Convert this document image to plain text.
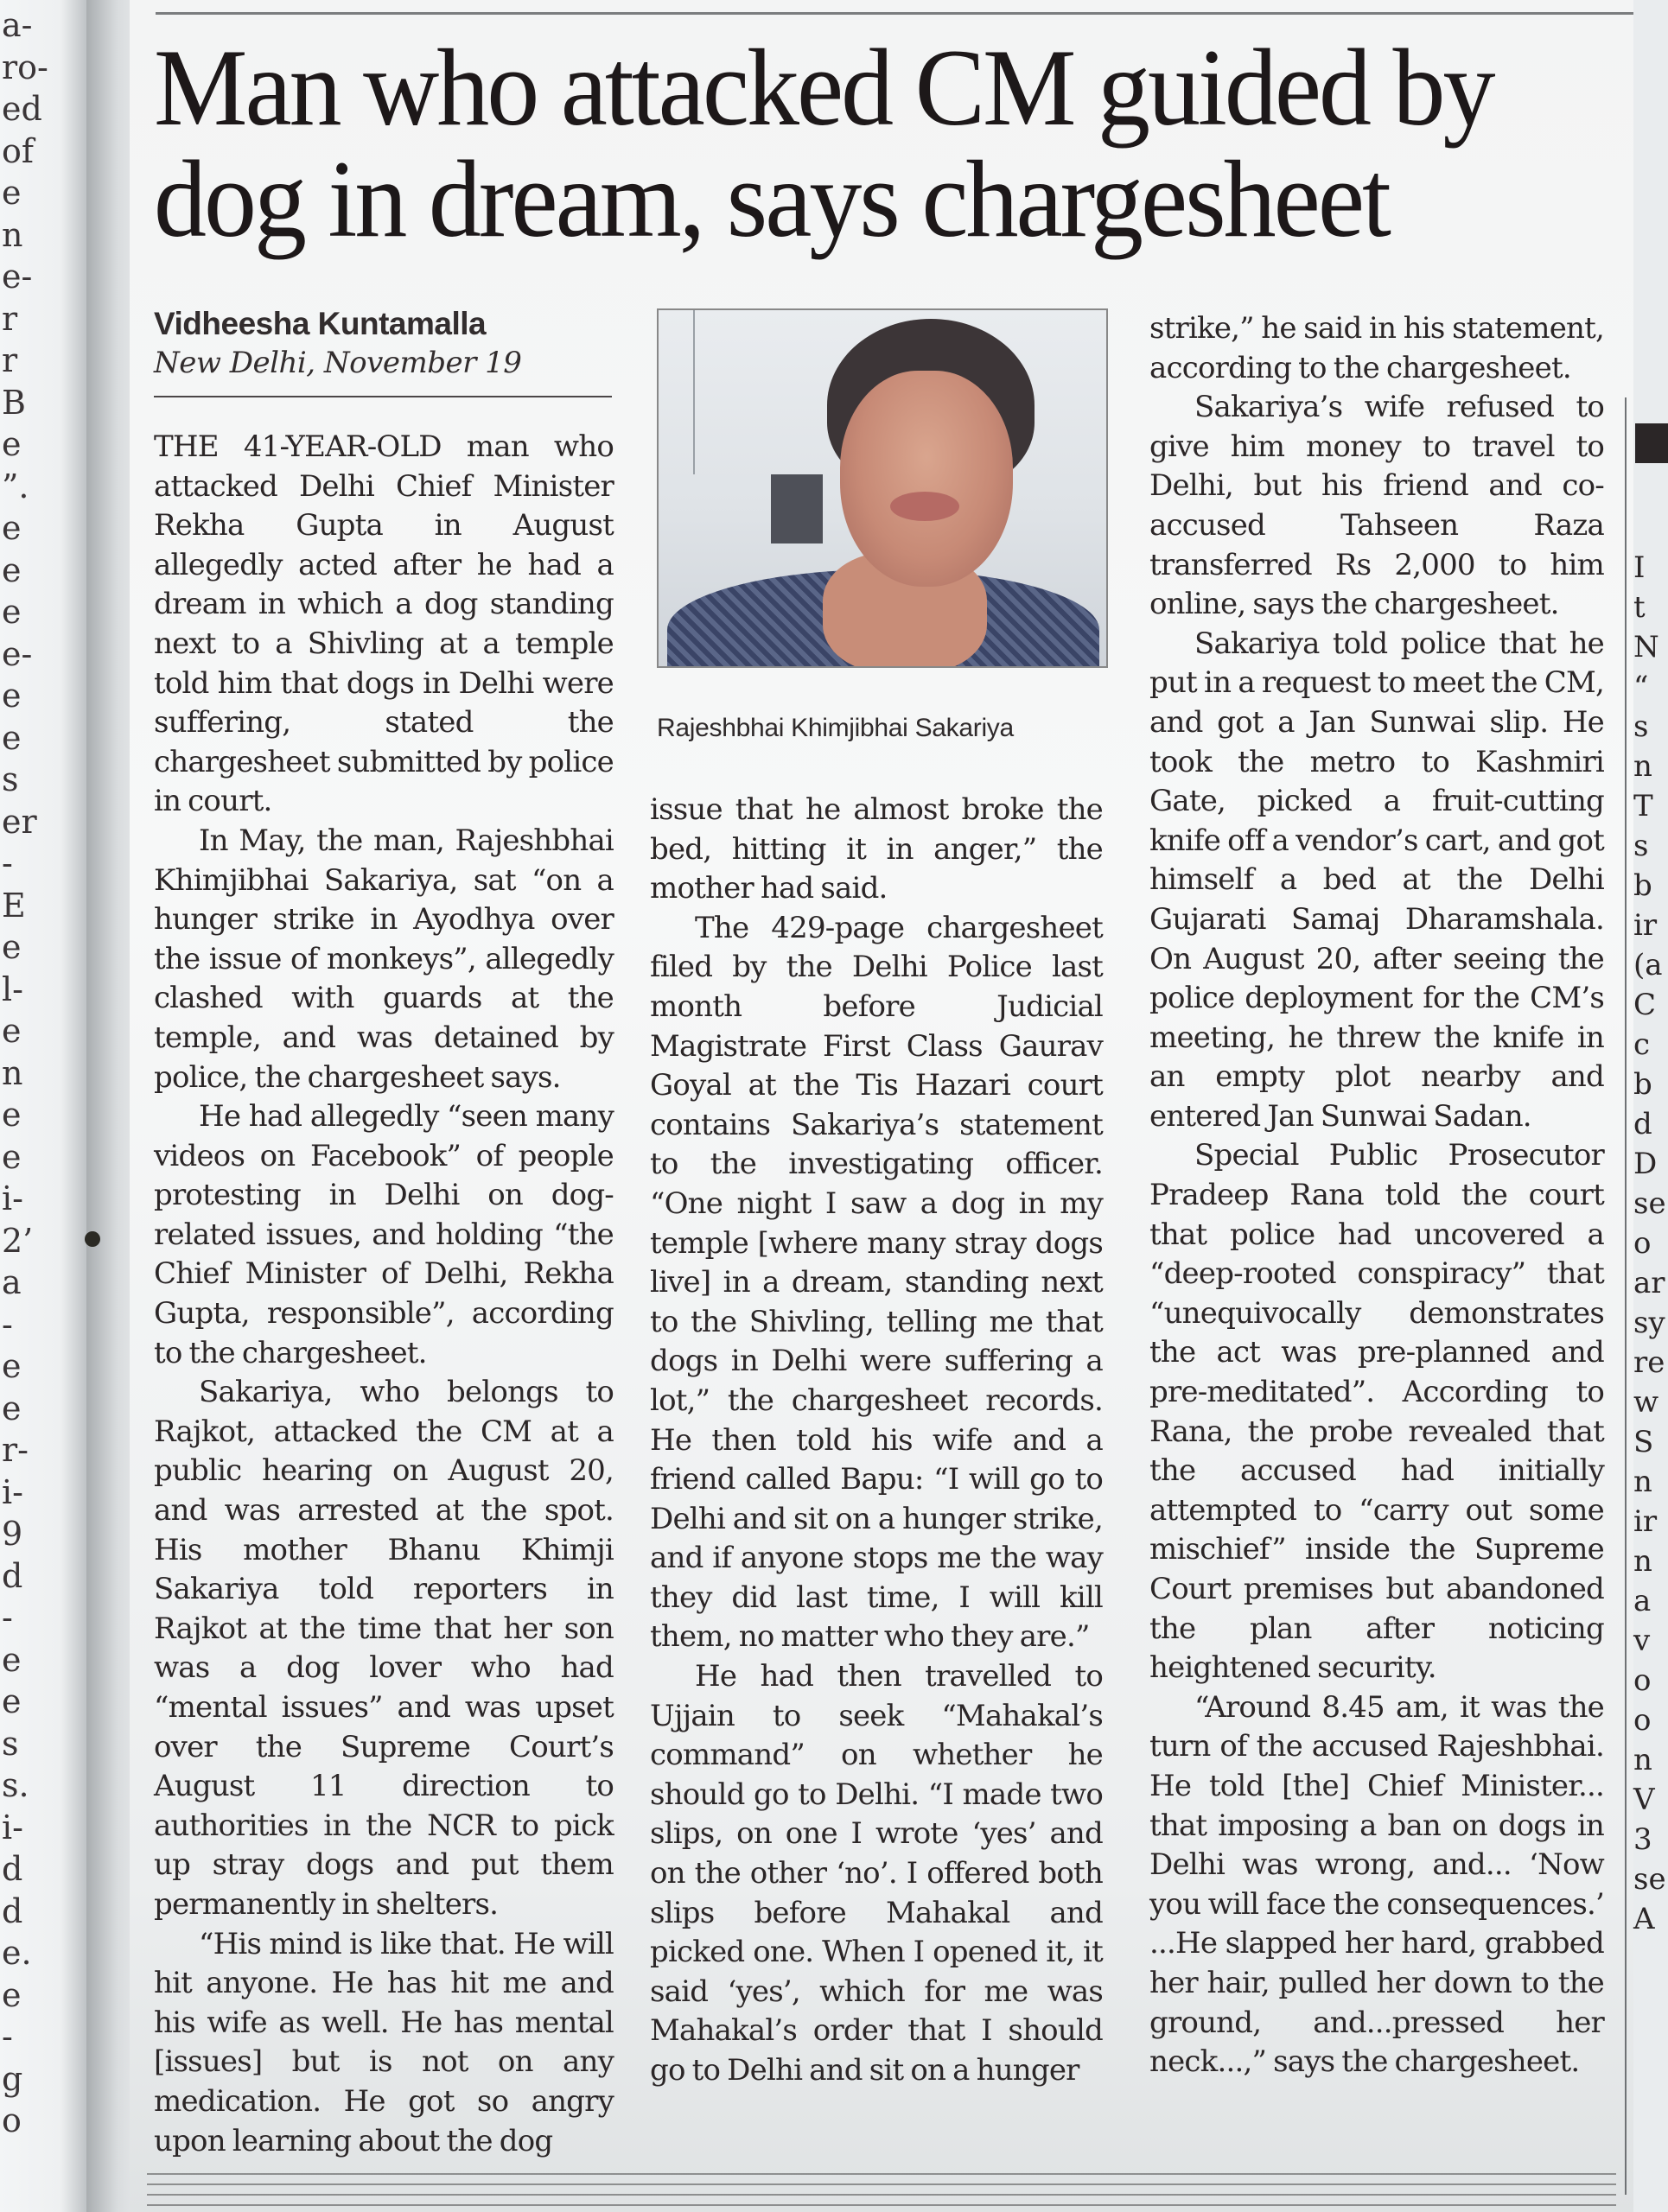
a-
ro-
ed
of
e
n
e-
r
r
B
e
”.
e
e
e
e-
e
e
s
er
-
E
e
l-
e
n
e
e
i-
2’
a
-
e
e
r-
i-
9
d
-
e
e
s
s.
i-
d
d
e.
e
-
g
o
Man who attacked CM guided by dog in dream, says chargesheet
Vidheesha Kuntamalla
New Delhi, November 19

THE 41-YEAR-OLD man who attacked Delhi Chief Minister Rekha Gupta in August allegedly acted after he had a dream in which a dog standing next to a Shivling at a temple told him that dogs in Delhi were suffering, stated the chargesheet submitted by police in court.

In May, the man, Rajeshbhai Khimjibhai Sakariya, sat “on a hunger strike in Ayodhya over the issue of monkeys”, allegedly clashed with guards at the temple, and was detained by police, the chargesheet says.

He had allegedly “seen many videos on Facebook” of people protesting in Delhi on dog-related issues, and holding “the Chief Minister of Delhi, Rekha Gupta, responsible”, according to the chargesheet.

Sakariya, who belongs to Rajkot, attacked the CM at a public hearing on August 20, and was arrested at the spot. His mother Bhanu Khimji Sakariya told reporters in Rajkot at the time that her son was a dog lover who had “mental issues” and was upset over the Supreme Court’s August 11 direction to authorities in the NCR to pick up stray dogs and put them permanently in shelters.

“His mind is like that. He will hit anyone. He has hit me and his wife as well. He has mental [issues] but is not on any medication. He got so angry upon learning about the dog

Rajeshbhai Khimjibhai Sakariya

issue that he almost broke the bed, hitting it in anger,” the mother had said.

The 429-page chargesheet filed by the Delhi Police last month before Judicial Magistrate First Class Gaurav Goyal at the Tis Hazari court contains Sakariya’s statement to the investigating officer. “One night I saw a dog in my temple [where many stray dogs live] in a dream, standing next to the Shivling, telling me that dogs in Delhi were suffering a lot,” the chargesheet records. He then told his wife and a friend called Bapu: “I will go to Delhi and sit on a hunger strike, and if anyone stops me the way they did last time, I will kill them, no matter who they are.”

He had then travelled to Ujjain to seek “Mahakal’s command” on whether he should go to Delhi. “I made two slips, on one I wrote ‘yes’ and on the other ‘no’. I offered both slips before Mahakal and picked one. When I opened it, it said ‘yes’, which for me was Mahakal’s order that I should go to Delhi and sit on a hunger

strike,” he said in his statement, according to the chargesheet.

Sakariya’s wife refused to give him money to travel to Delhi, but his friend and co-accused Tahseen Raza transferred Rs 2,000 to him online, says the chargesheet.

Sakariya told police that he put in a request to meet the CM, and got a Jan Sunwai slip. He took the metro to Kashmiri Gate, picked a fruit-cutting knife off a vendor’s cart, and got himself a bed at the Delhi Gujarati Samaj Dharamshala. On August 20, after seeing the police deployment for the CM’s meeting, he threw the knife in an empty plot nearby and entered Jan Sunwai Sadan.

Special Public Prosecutor Pradeep Rana told the court that police had uncovered a “deep-rooted conspiracy” that “unequivocally demonstrates the act was pre-planned and pre-meditated”. According to Rana, the probe revealed that the accused had initially attempted to “carry out some mischief” inside the Supreme Court premises but abandoned the plan after noticing heightened security.

“Around 8.45 am, it was the turn of the accused Rajeshbhai. He told [the] Chief Minister... that imposing a ban on dogs in Delhi was wrong, and... ‘Now you will face the consequences.’ ...He slapped her hard, grabbed her hair, pulled her down to the ground, and...pressed her neck...,” says the chargesheet.

I
t
N
“
s
n
T
s
b
ir
(a
C
c
b
d
D
se
o
ar
sy
re
w
S
n
ir
n
a
v
o
o
n
V
3
se
A
